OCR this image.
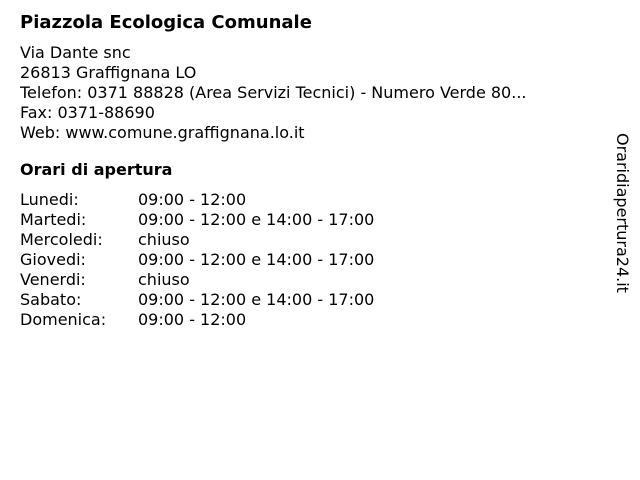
Piazzola Ecologica Comunale
Via Dante snc
26813 Graffignana LO
Telefon: 0371 88828 (Area Servizi Tecnici) - Numero Verde 80...
Fax: 0371-88690
Web: www.comune.graffignana.lo.it
Orari di apertura
Lunedi:	09:00 - 12:00
Martedi:	09:00 - 12:00 e 14:00 - 17:00
Mercoledi: chiuso
Giovedi:	09:00 - 12:00 e 14:00 - 17:00
Venerdi:	chiuso
Sabato:	09:00 - 12:00 e 14:00 - 17:00
Domenica: 09:00 - 12:00
Oraridiapertura24.it
